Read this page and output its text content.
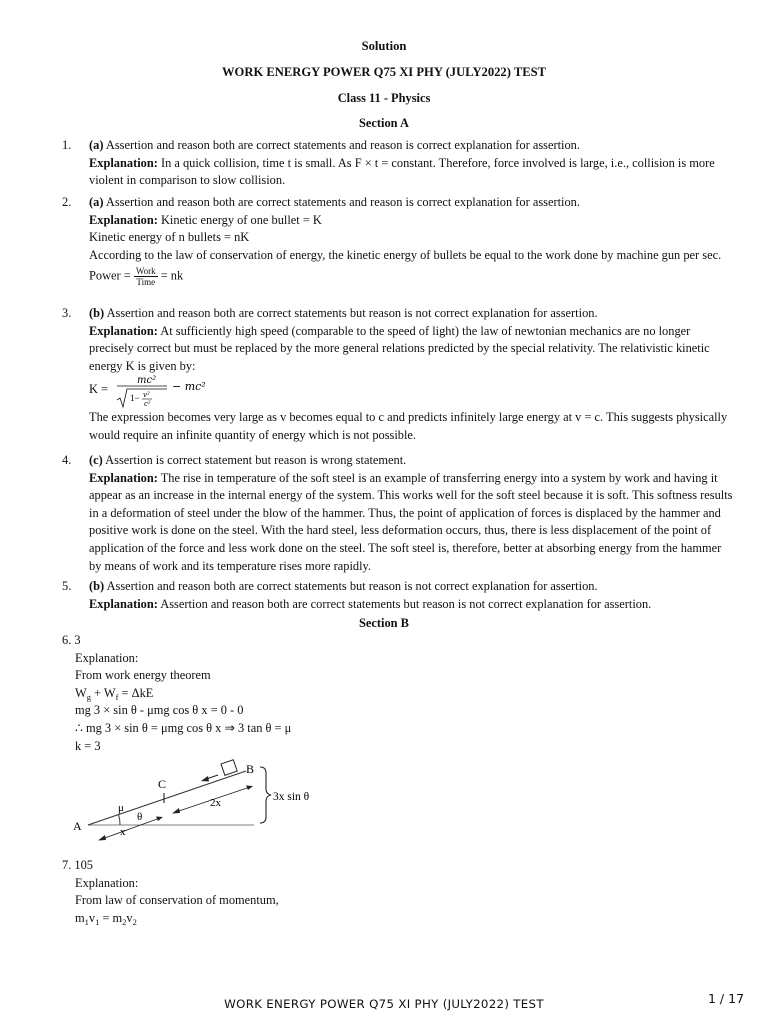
Solution
WORK ENERGY POWER Q75 XI PHY (JULY2022) TEST
Class 11 - Physics
Section A
1.	(a) Assertion and reason both are correct statements and reason is correct explanation for assertion.
Explanation: In a quick collision, time t is small. As F × t = constant. Therefore, force involved is large, i.e., collision is more violent in comparison to slow collision.
2.	(a) Assertion and reason both are correct statements and reason is correct explanation for assertion.
Explanation: Kinetic energy of one bullet = K
Kinetic energy of n bullets = nK
According to the law of conservation of energy, the kinetic energy of bullets be equal to the work done by machine gun per sec.
Power = $\frac{\text{Work}}{\text{Time}}$ = nk
3.	(b) Assertion and reason both are correct statements but reason is not correct explanation for assertion.
Explanation: At sufficiently high speed (comparable to the speed of light) the law of newtonian mechanics are no longer precisely correct but must be replaced by the more general relations predicted by the special relativity. The relativistic kinetic energy K is given by:
K =
mc²
1− v²
c²
− mc²
The expression becomes very large as v becomes equal to c and predicts infinitely large energy at v = c. This suggests physically would require an infinite quantity of energy which is not possible.
4.	(c) Assertion is correct statement but reason is wrong statement.
Explanation: The rise in temperature of the soft steel is an example of transferring energy into a system by work and having it appear as an increase in the internal energy of the system. This works well for the soft steel because it is soft. This softness results in a deformation of steel under the blow of the hammer. Thus, the point of application of forces is displaced by the hammer and positive work is done on the steel. With the hard steel, less deformation occurs, thus, there is less displacement of the point of application of the force and less work done on the steel. The soft steel is, therefore, better at absorbing energy from the hammer by means of work and its temperature rises more rapidly.
5.	(b) Assertion and reason both are correct statements but reason is not correct explanation for assertion.
Explanation: Assertion and reason both are correct statements but reason is not correct explanation for assertion.
Section B
6. 3
Explanation:
From work energy theorem
$W_g + W_f = \Delta kE$
mg 3 × sin θ - μmg cos θ x = 0 - 0
∴ mg 3 × sin θ = μmg cos θ x ⇒ 3 tan θ = μ
k = 3
A
B
C
μ
θ
x
2x	3x sin θ
7. 105
Explanation:
From law of conservation of momentum,
$m_1v_1 = m_2v_2$
WORK ENERGY POWER Q75 XI PHY (JULY2022) TEST	1 / 17
